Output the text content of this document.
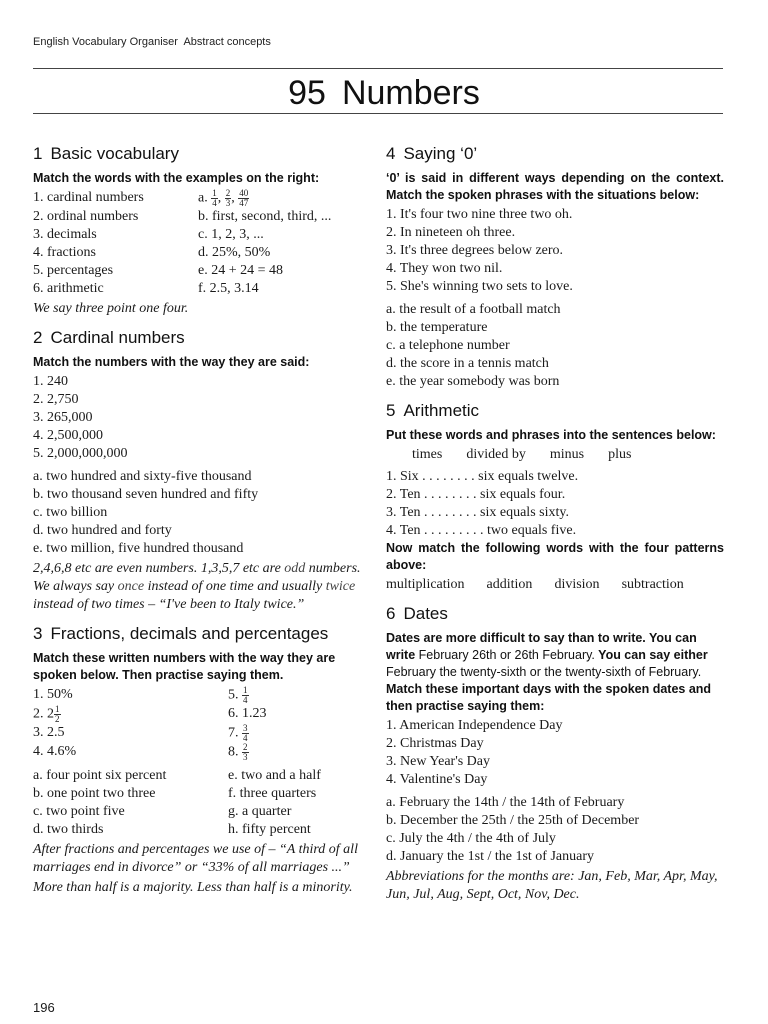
English Vocabulary Organiser Abstract concepts
95 Numbers
1 Basic vocabulary
Match the words with the examples on the right:
1. cardinal numbers	a. $\frac{1}{4}$ , $\frac{2}{3}$ , $\frac{40}{47}$
2. ordinal numbers	b. first, second, third, ...
3. decimals	c. 1, 2, 3, ...
4. fractions	d. 25%, 50%
5. percentages	e. 24 + 24 = 48
6. arithmetic	f. 2.5, 3.14
We say three point one four.
2 Cardinal numbers
Match the numbers with the way they are said:
1. 240
2. 2,750
3. 265,000
4. 2,500,000
5. 2,000,000,000
a. two hundred and sixty-five thousand
b. two thousand seven hundred and fifty
c. two billion
d. two hundred and forty
e. two million, five hundred thousand
2,4,6,8 etc are even numbers. 1,3,5,7 etc are odd numbers. We always say once instead of one time and usually twice instead of two times – “I've been to Italy twice.”
3 Fractions, decimals and percentages
Match these written numbers with the way they are spoken below. Then practise saying them.
1. 50%	5. $\frac{1}{4}$
2. $2 \frac{1}{2}$	6. 1.23
3. 2.5	7. $\frac{3}{4}$
4. 4.6%	8. $\frac{2}{3}$
a. four point six percent	e. two and a half
b. one point two three	f. three quarters
c. two point five	g. a quarter
d. two thirds	h. fifty percent
After fractions and percentages we use of – “A third of all marriages end in divorce” or “33% of all marriages ...”
More than half is a majority. Less than half is a minority.
4 Saying ‘0’
‘0’ is said in different ways depending on the context. Match the spoken phrases with the situations below:
1. It's four two nine three two oh.
2. In nineteen oh three.
3. It's three degrees below zero.
4. They won two nil.
5. She's winning two sets to love.
a. the result of a football match
b. the temperature
c. a telephone number
d. the score in a tennis match
e. the year somebody was born
5 Arithmetic
Put these words and phrases into the sentences below:
times divided by minus plus
1. Six . . . . . . . . six equals twelve.
2. Ten . . . . . . . . six equals four.
3. Ten . . . . . . . . six equals sixty.
4. Ten . . . . . . . . . two equals five.
Now match the following words with the four patterns above:
multiplication addition division subtraction
6 Dates
Dates are more difficult to say than to write. You can write February 26th or 26th February. You can say either February the twenty-sixth or the twenty-sixth of February. Match these important days with the spoken dates and then practise saying them:
1. American Independence Day
2. Christmas Day
3. New Year's Day
4. Valentine's Day
a. February the 14th / the 14th of February
b. December the 25th / the 25th of December
c. July the 4th / the 4th of July
d. January the 1st / the 1st of January
Abbreviations for the months are: Jan, Feb, Mar, Apr, May, Jun, Jul, Aug, Sept, Oct, Nov, Dec.
196
